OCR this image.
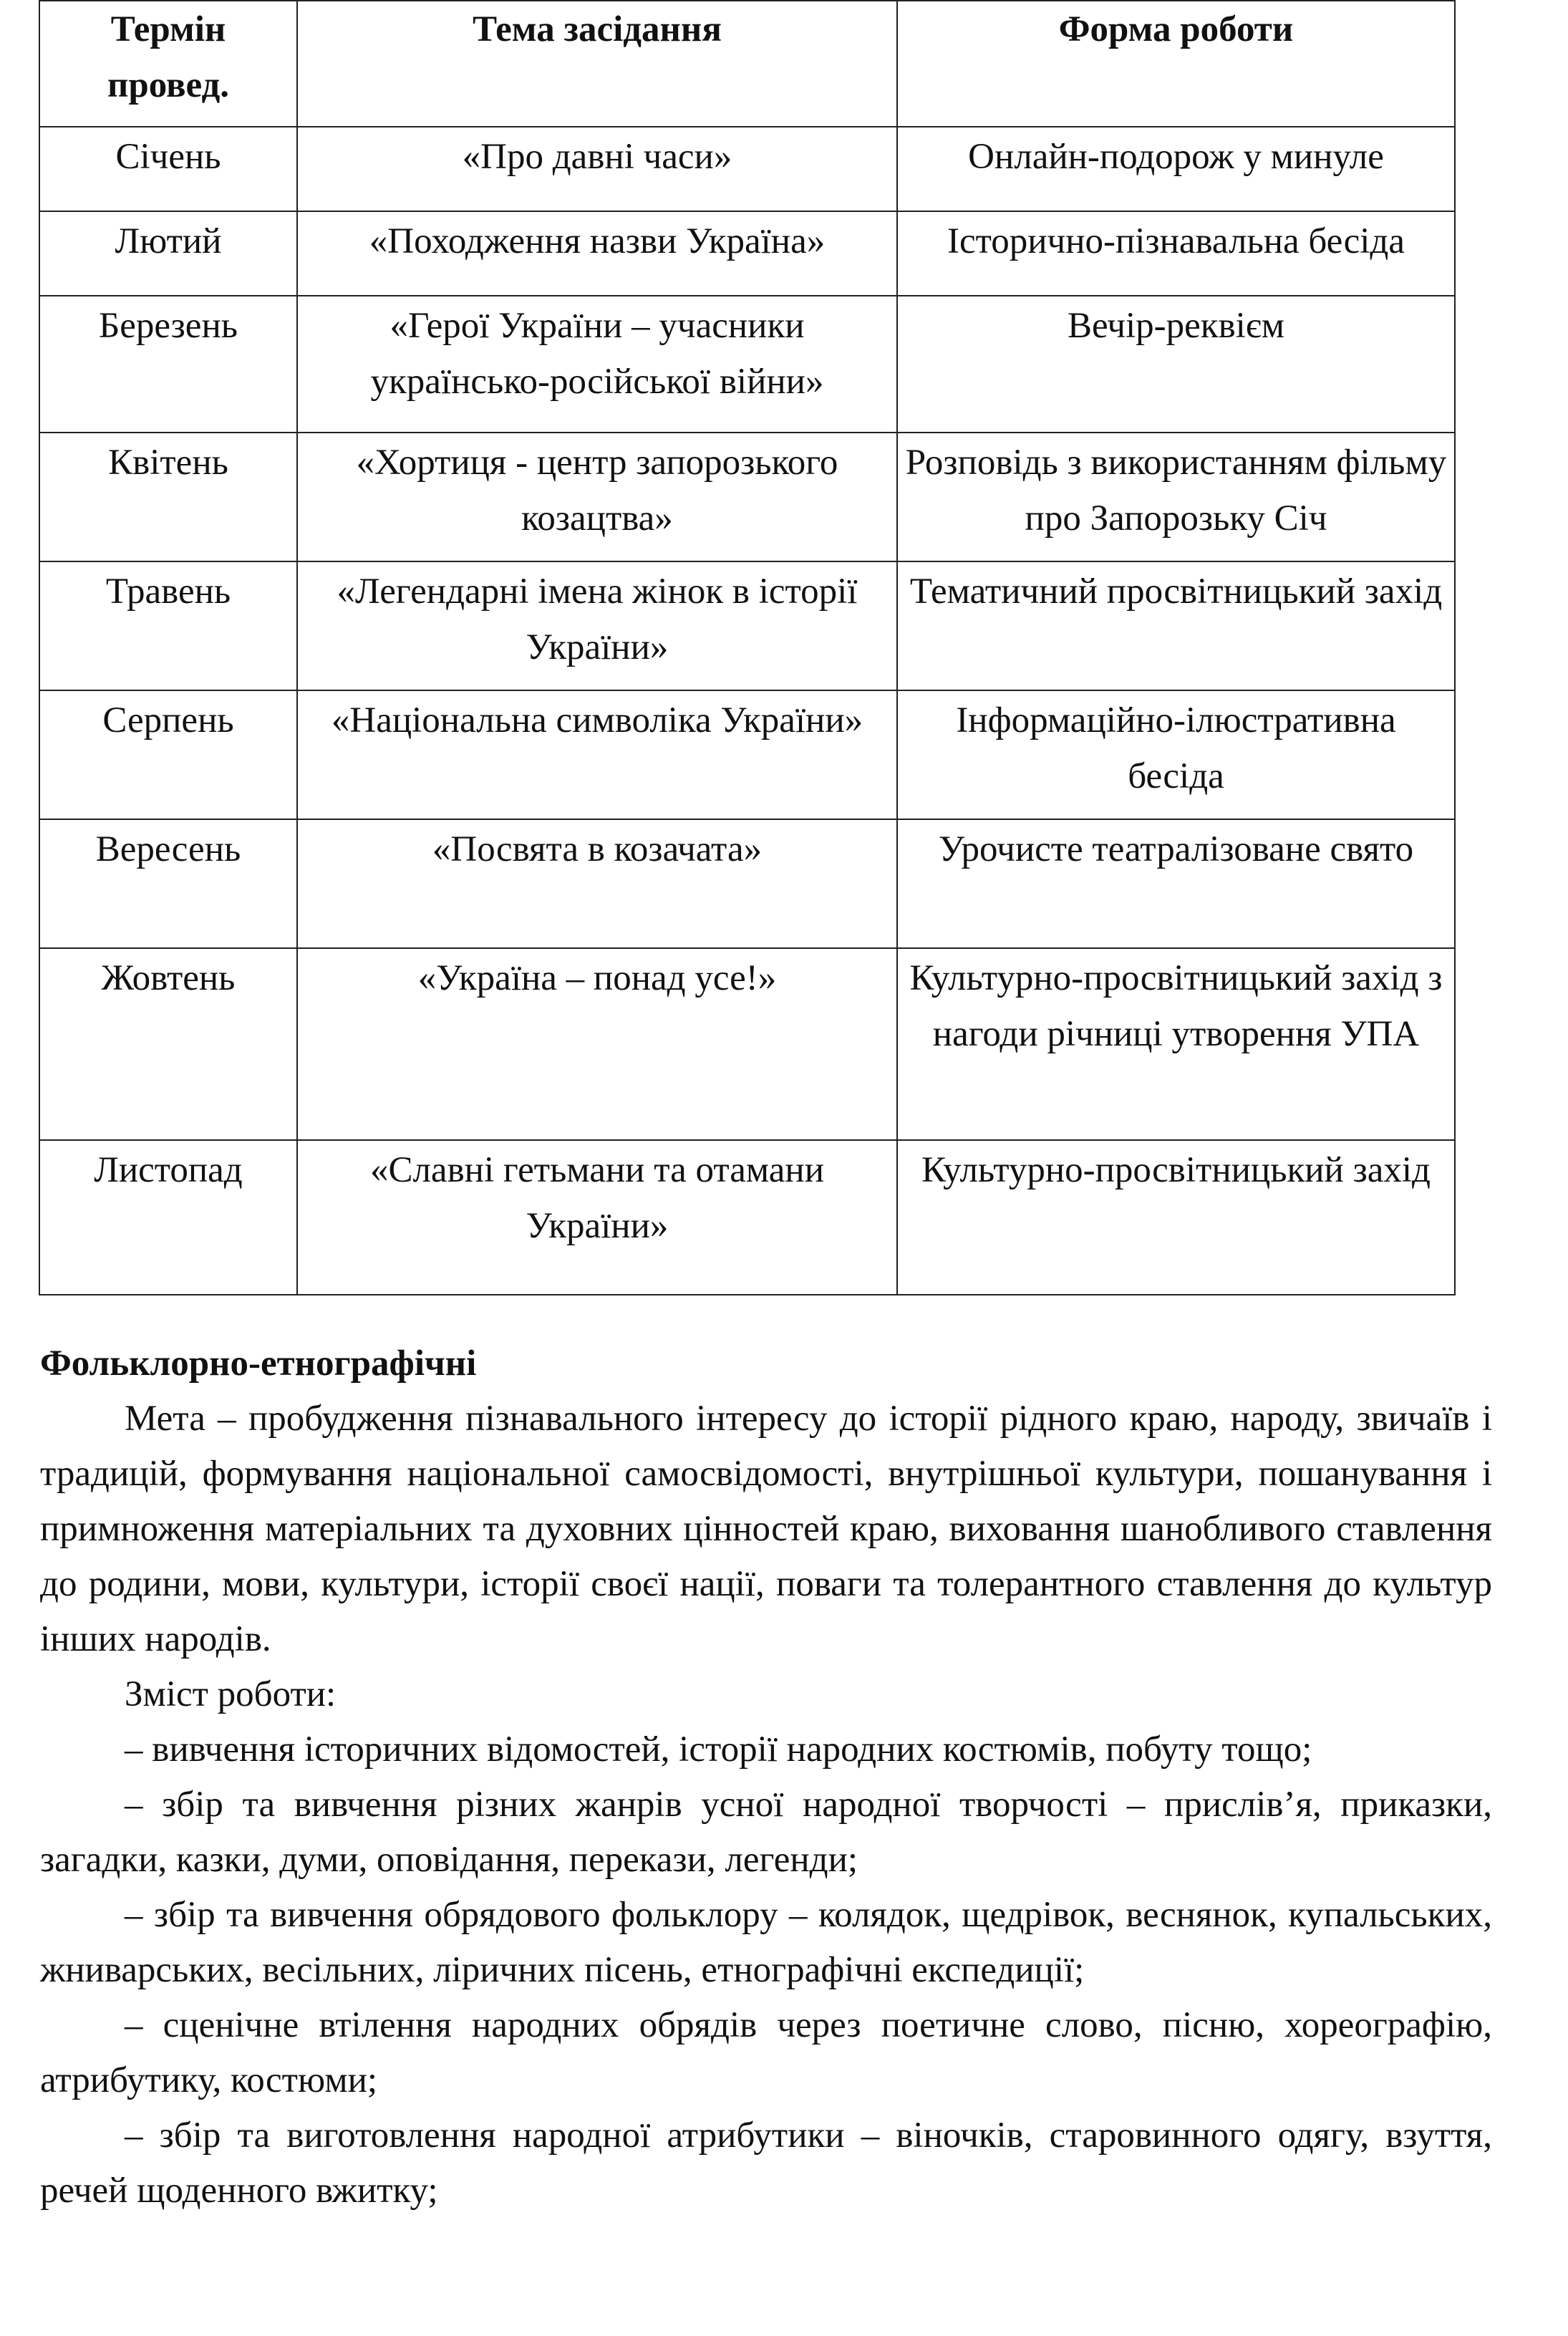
Термін провед.	Тема засідання	Форма роботи
Січень	«Про давні часи»	Онлайн-подорож у минуле
Лютий	«Походження назви Україна»	Історично-пізнавальна бесіда
Березень	«Герої України – учасники українсько-російської війни»	Вечір-реквієм
Квітень	«Хортиця - центр запорозького козацтва»	Розповідь з використанням фільму про Запорозьку Січ
Травень	«Легендарні імена жінок в історії України»	Тематичний просвітницький захід
Серпень	«Національна символіка України»	Інформаційно-ілюстративна бесіда
Вересень	«Посвята в козачата»	Урочисте театралізоване свято
Жовтень	«Україна – понад усе!»	Культурно-просвітницький захід з нагоди річниці утворення УПА
Листопад	«Славні гетьмани та отамани України»	Культурно-просвітницький захід
Фольклорно-етнографічні

Мета – пробудження пізнавального інтересу до історії рідного краю, народу, звичаїв і традицій, формування національної самосвідомості, внутрішньої культури, пошанування і примноження матеріальних та духовних цінностей краю, виховання шанобливого ставлення до родини, мови, культури, історії своєї нації, поваги та толерантного ставлення до культур інших народів.

Зміст роботи:

– вивчення історичних відомостей, історії народних костюмів, побуту тощо;

– збір та вивчення різних жанрів усної народної творчості – прислів’я, приказки, загадки, казки, думи, оповідання, перекази, легенди;

– збір та вивчення обрядового фольклору – колядок, щедрівок, веснянок, купальських, жниварських, весільних, ліричних пісень, етнографічні експедиції;

– сценічне втілення народних обрядів через поетичне слово, пісню, хореографію, атрибутику, костюми;

– збір та виготовлення народної атрибутики – віночків, старовинного одягу, взуття, речей щоденного вжитку;
